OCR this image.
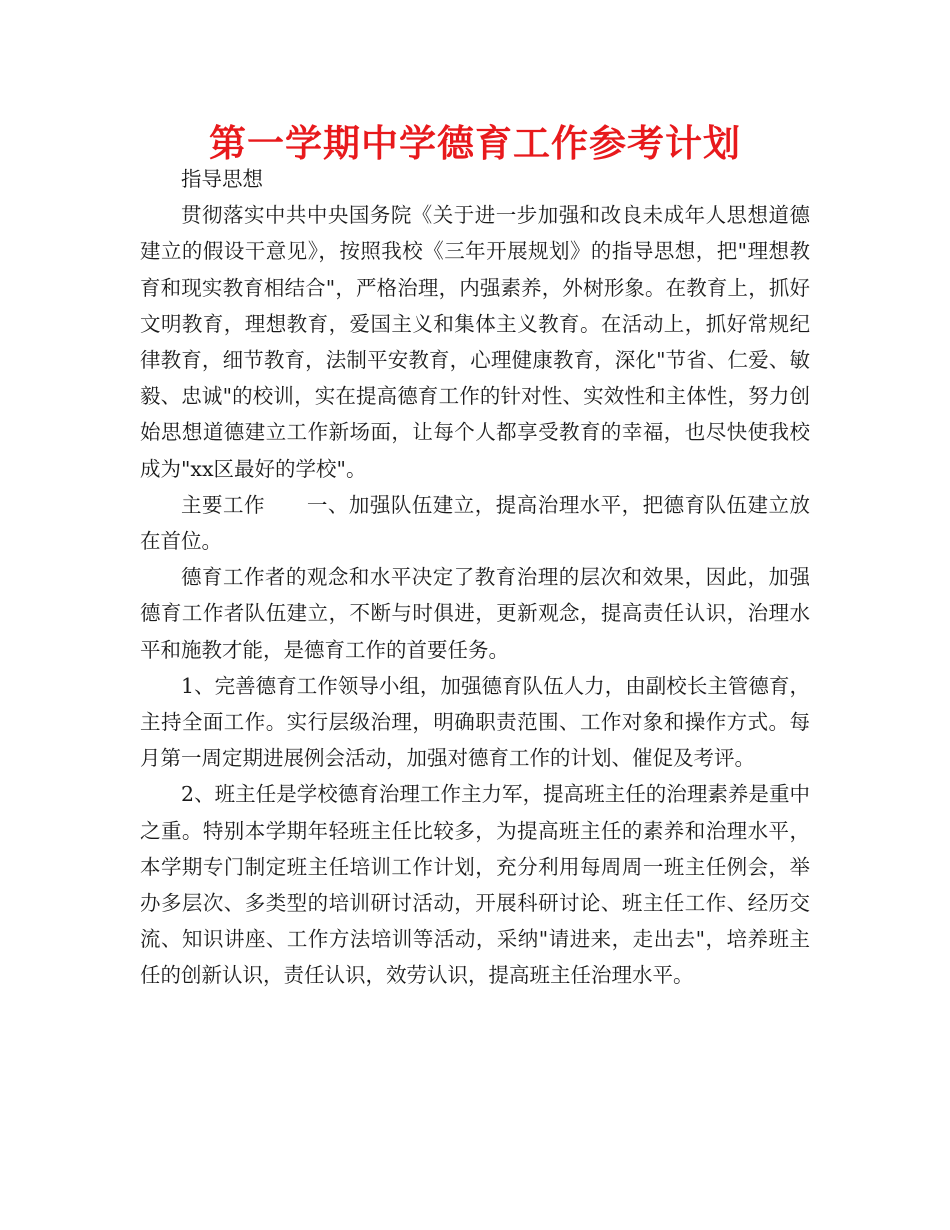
第一学期中学德育工作参考计划

指导思想

贯彻落实中共中央国务院《关于进一步加强和改良未成年人思想道德建立的假设干意见》，按照我校《三年开展规划》的指导思想，把"理想教育和现实教育相结合"，严格治理，内强素养，外树形象。在教育上，抓好文明教育，理想教育，爱国主义和集体主义教育。在活动上，抓好常规纪律教育，细节教育，法制平安教育，心理健康教育，深化"节省、仁爱、敏毅、忠诚"的校训，实在提高德育工作的针对性、实效性和主体性，努力创始思想道德建立工作新场面，让每个人都享受教育的幸福，也尽快使我校成为"xx区最好的学校"。

主要工作　　一、加强队伍建立，提高治理水平，把德育队伍建立放在首位。

德育工作者的观念和水平决定了教育治理的层次和效果，因此，加强德育工作者队伍建立，不断与时俱进，更新观念，提高责任认识，治理水平和施教才能，是德育工作的首要任务。

1、完善德育工作领导小组，加强德育队伍人力，由副校长主管德育，主持全面工作。实行层级治理，明确职责范围、工作对象和操作方式。每月第一周定期进展例会活动，加强对德育工作的计划、催促及考评。

2、班主任是学校德育治理工作主力军，提高班主任的治理素养是重中之重。特别本学期年轻班主任比较多，为提高班主任的素养和治理水平，本学期专门制定班主任培训工作计划，充分利用每周周一班主任例会，举办多层次、多类型的培训研讨活动，开展科研讨论、班主任工作、经历交流、知识讲座、工作方法培训等活动，采纳"请进来，走出去"，培养班主任的创新认识，责任认识，效劳认识，提高班主任治理水平。
